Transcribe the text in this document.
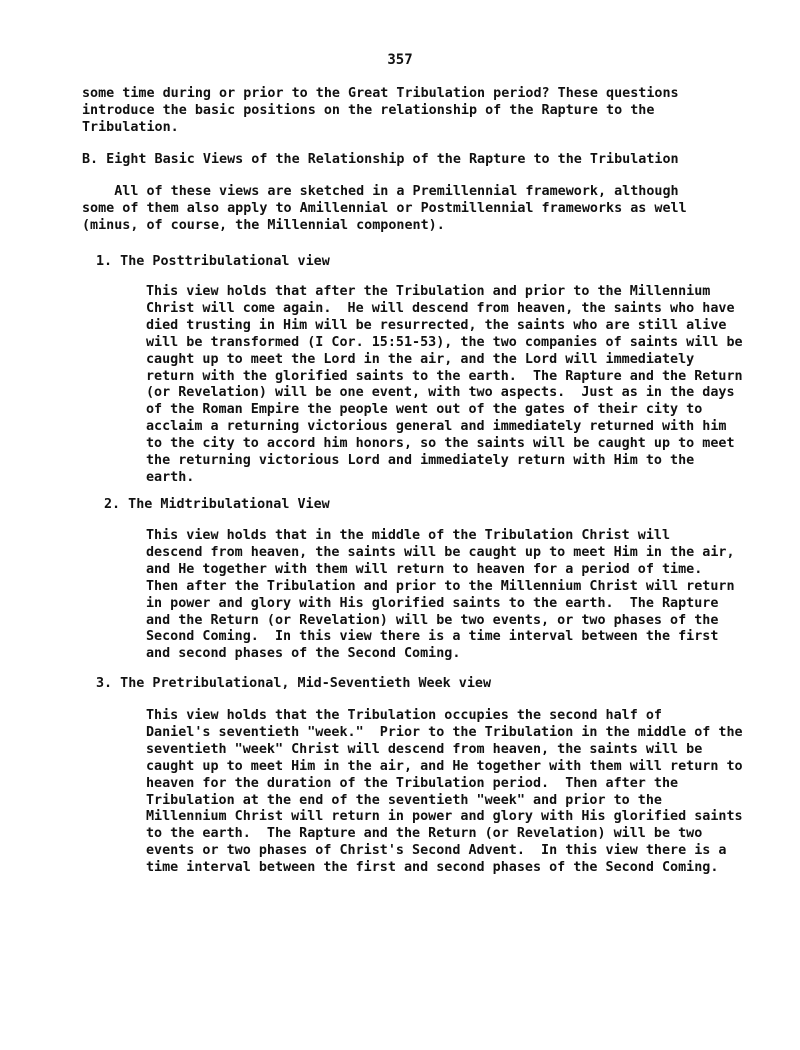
357
some time during or prior to the Great Tribulation period? These questions
introduce the basic positions on the relationship of the Rapture to the
Tribulation.
B. Eight Basic Views of the Relationship of the Rapture to the Tribulation
All of these views are sketched in a Premillennial framework, although
some of them also apply to Amillennial or Postmillennial frameworks as well
(minus, of course, the Millennial component).
1. The Posttribulational view
This view holds that after the Tribulation and prior to the Millennium
Christ will come again.  He will descend from heaven, the saints who have
died trusting in Him will be resurrected, the saints who are still alive
will be transformed (I Cor. 15:51-53), the two companies of saints will be
caught up to meet the Lord in the air, and the Lord will immediately
return with the glorified saints to the earth.  The Rapture and the Return
(or Revelation) will be one event, with two aspects.  Just as in the days
of the Roman Empire the people went out of the gates of their city to
acclaim a returning victorious general and immediately returned with him
to the city to accord him honors, so the saints will be caught up to meet
the returning victorious Lord and immediately return with Him to the
earth.
2. The Midtribulational View
This view holds that in the middle of the Tribulation Christ will
descend from heaven, the saints will be caught up to meet Him in the air,
and He together with them will return to heaven for a period of time.
Then after the Tribulation and prior to the Millennium Christ will return
in power and glory with His glorified saints to the earth.  The Rapture
and the Return (or Revelation) will be two events, or two phases of the
Second Coming.  In this view there is a time interval between the first
and second phases of the Second Coming.
3. The Pretribulational, Mid-Seventieth Week view
This view holds that the Tribulation occupies the second half of
Daniel's seventieth "week."  Prior to the Tribulation in the middle of the
seventieth "week" Christ will descend from heaven, the saints will be
caught up to meet Him in the air, and He together with them will return to
heaven for the duration of the Tribulation period.  Then after the
Tribulation at the end of the seventieth "week" and prior to the
Millennium Christ will return in power and glory with His glorified saints
to the earth.  The Rapture and the Return (or Revelation) will be two
events or two phases of Christ's Second Advent.  In this view there is a
time interval between the first and second phases of the Second Coming.
